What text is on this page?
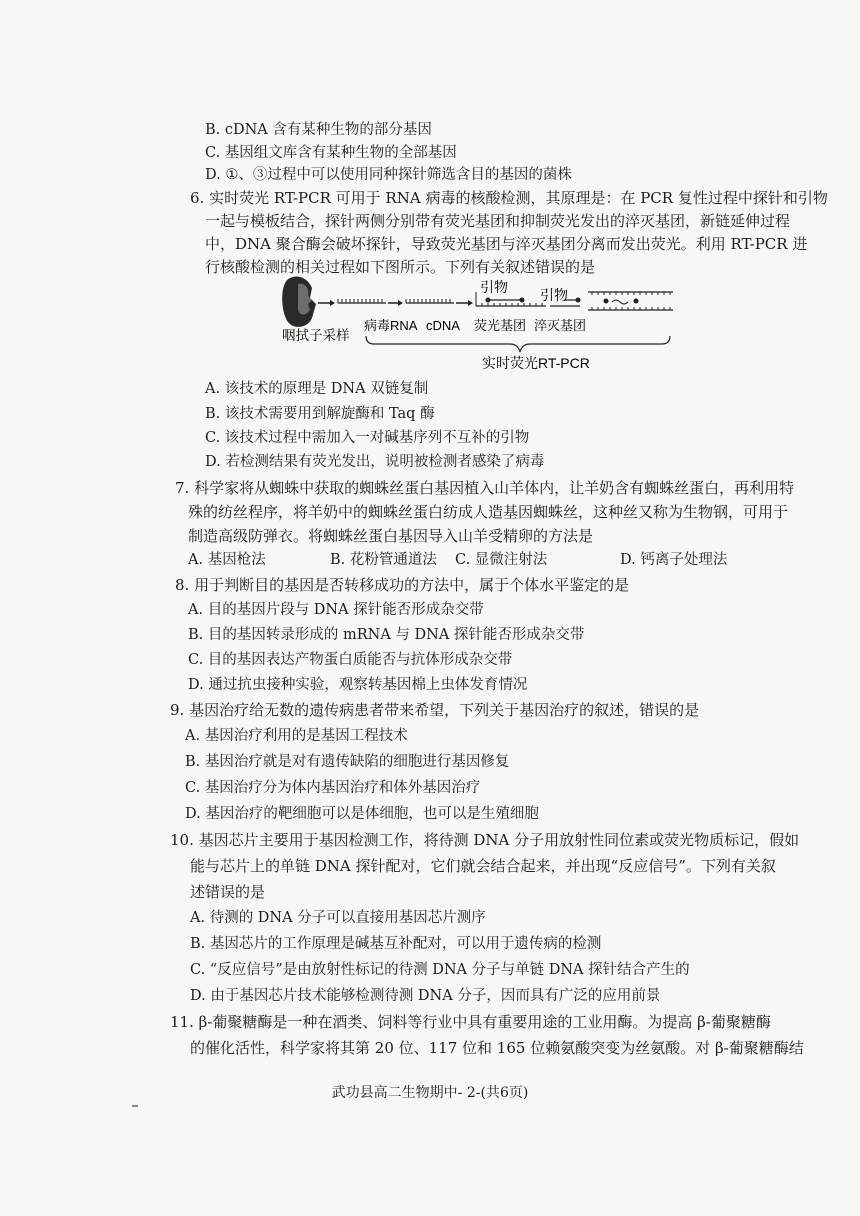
B. cDNA 含有某种生物的部分基因
C. 基因组文库含有某种生物的全部基因
D. ①、③过程中可以使用同种探针筛选含目的基因的菌株
6. 实时荧光 RT-PCR 可用于 RNA 病毒的核酸检测，其原理是：在 PCR 复性过程中探针和引物
一起与模板结合，探针两侧分别带有荧光基团和抑制荧光发出的淬灭基团，新链延伸过程
中，DNA 聚合酶会破坏探针，导致荧光基团与淬灭基团分离而发出荧光。利用 RT-PCR 进
行核酸检测的相关过程如下图所示。下列有关叙述错误的是
A. 该技术的原理是 DNA 双链复制
B. 该技术需要用到解旋酶和 Taq 酶
C. 该技术过程中需加入一对碱基序列不互补的引物
D. 若检测结果有荧光发出，说明被检测者感染了病毒
7. 科学家将从蜘蛛中获取的蜘蛛丝蛋白基因植入山羊体内，让羊奶含有蜘蛛丝蛋白，再利用特
殊的纺丝程序，将羊奶中的蜘蛛丝蛋白纺成人造基因蜘蛛丝，这种丝又称为生物钢，可用于
制造高级防弹衣。将蜘蛛丝蛋白基因导入山羊受精卵的方法是
A. 基因枪法	B. 花粉管通道法 C. 显微注射法	D. 钙离子处理法
8. 用于判断目的基因是否转移成功的方法中，属于个体水平鉴定的是
A. 目的基因片段与 DNA 探针能否形成杂交带
B. 目的基因转录形成的 mRNA 与 DNA 探针能否形成杂交带
C. 目的基因表达产物蛋白质能否与抗体形成杂交带
D. 通过抗虫接种实验，观察转基因棉上虫体发育情况
9. 基因治疗给无数的遗传病患者带来希望，下列关于基因治疗的叙述，错误的是
A. 基因治疗利用的是基因工程技术
B. 基因治疗就是对有遗传缺陷的细胞进行基因修复
C. 基因治疗分为体内基因治疗和体外基因治疗
D. 基因治疗的靶细胞可以是体细胞，也可以是生殖细胞
10. 基因芯片主要用于基因检测工作，将待测 DNA 分子用放射性同位素或荧光物质标记，假如
能与芯片上的单链 DNA 探针配对，它们就会结合起来，并出现“反应信号”。下列有关叙
述错误的是
A. 待测的 DNA 分子可以直接用基因芯片测序
B. 基因芯片的工作原理是碱基互补配对，可以用于遗传病的检测
C. “反应信号”是由放射性标记的待测 DNA 分子与单链 DNA 探针结合产生的
D. 由于基因芯片技术能够检测待测 DNA 分子，因而具有广泛的应用前景
11. β-葡聚糖酶是一种在酒类、饲料等行业中具有重要用途的工业用酶。为提高 β-葡聚糖酶
的催化活性，科学家将其第 20 位、117 位和 165 位赖氨酸突变为丝氨酸。对 β-葡聚糖酶结
引物 引物
咽拭子采样
病毒RNA cDNA 荧光基团 淬灭基团
实时荧光RT-PCR
武功县高二生物期中- 2-(共6页)
